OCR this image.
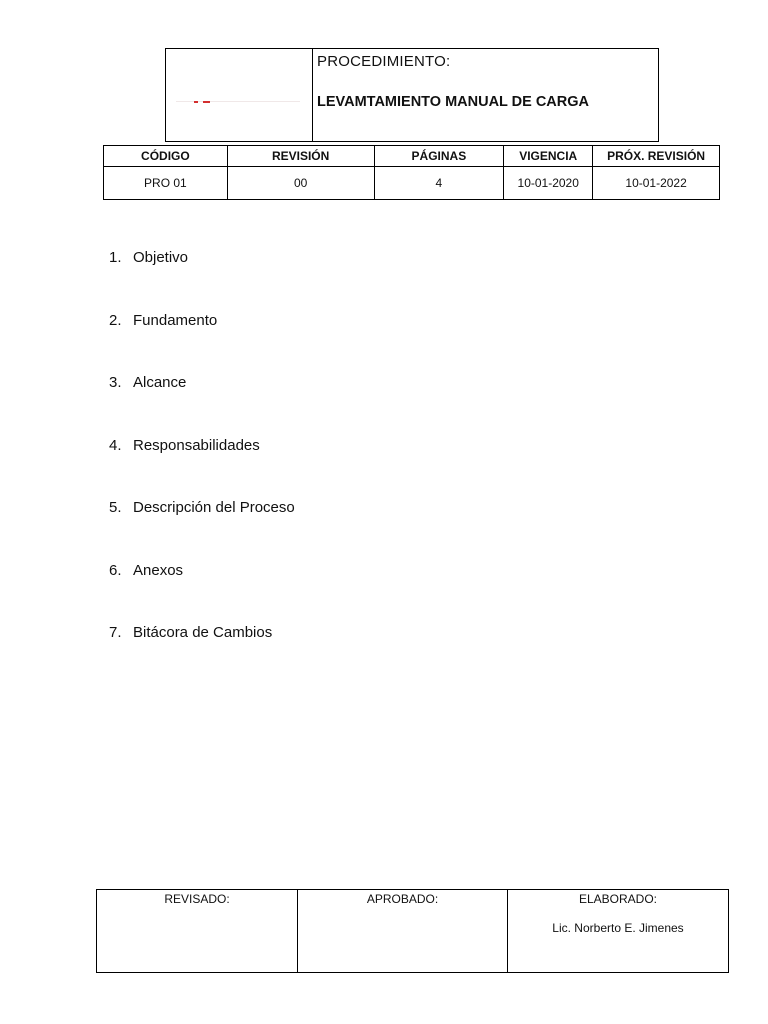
PROCEDIMIENTO:
LEVAMTAMIENTO MANUAL DE CARGA
CÓDIGO	REVISIÓN	PÁGINAS	VIGENCIA	PRÓX. REVISIÓN
PRO 01	00	4	10-01-2020	10-01-2022
1. Objetivo
2. Fundamento
3. Alcance
4. Responsabilidades
5. Descripción del Proceso
6. Anexos
7. Bitácora de Cambios
REVISADO:	APROBADO:	ELABORADO:
Lic. Norberto E. Jimenes
